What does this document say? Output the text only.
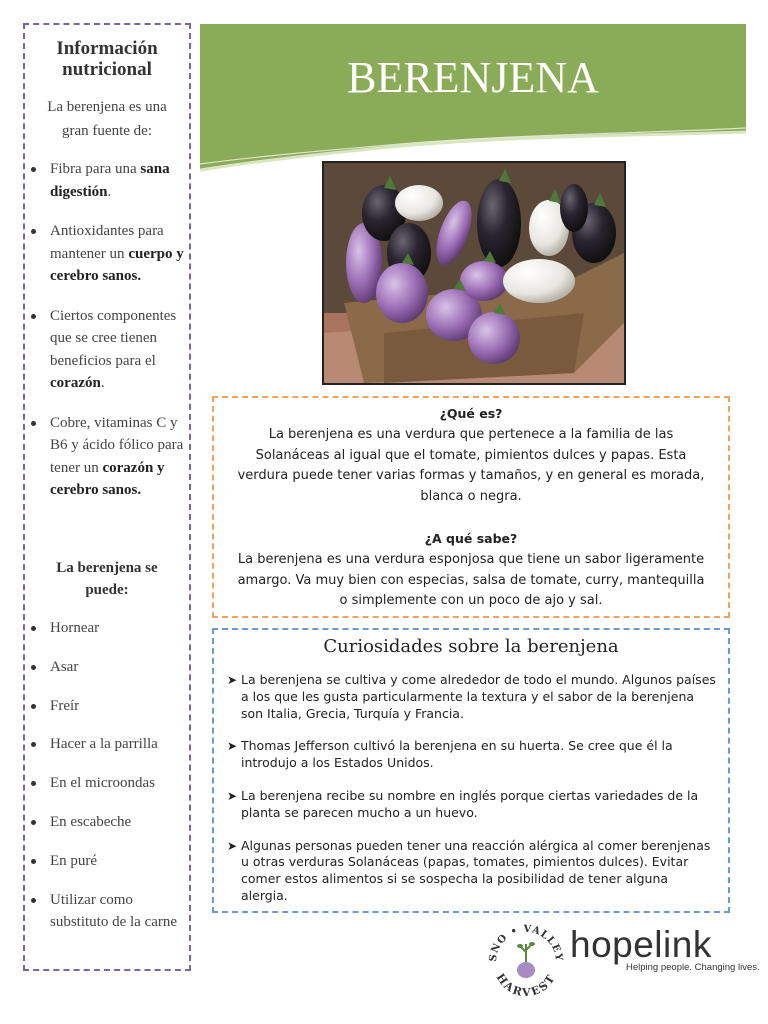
Información
nutricional
La berenjena es una gran fuente de:
Fibra para una sana digestión.
Antioxidantes para mantener un cuerpo y cerebro sanos.
Ciertos componentes que se cree tienen beneficios para el corazón.
Cobre, vitaminas C y B6 y ácido fólico para tener un corazón y cerebro sanos.
La berenjena se puede:
Hornear
Asar
Freír
Hacer a la parrilla
En el microondas
En escabeche
En puré
Utilizar como substituto de la carne
BERENJENA
¿Qué es?
La berenjena es una verdura que pertenece a la familia de las Solanáceas al igual que el tomate, pimientos dulces y papas. Esta verdura puede tener varias formas y tamaños, y en general es morada, blanca o negra.
¿A qué sabe?
La berenjena es una verdura esponjosa que tiene un sabor ligeramente amargo. Va muy bien con especias, salsa de tomate, curry, mantequilla o simplemente con un poco de ajo y sal.
Curiosidades sobre la berenjena
➤ La berenjena se cultiva y come alrededor de todo el mundo. Algunos países a los que les gusta particularmente la textura y el sabor de la berenjena son Italia, Grecia, Turquía y Francia.
➤ Thomas Jefferson cultivó la berenjena en su huerta. Se cree que él la introdujo a los Estados Unidos.
➤ La berenjena recibe su nombre en inglés porque ciertas variedades de la planta se parecen mucho a un huevo.
➤ Algunas personas pueden tener una reacción alérgica al comer berenjenas u otras verduras Solanáceas (papas, tomates, pimientos dulces). Evitar comer estos alimentos si se sospecha la posibilidad de tener alguna alergia.
SNO • VALLEY
HARVEST
hopelink
Helping people. Changing lives.
